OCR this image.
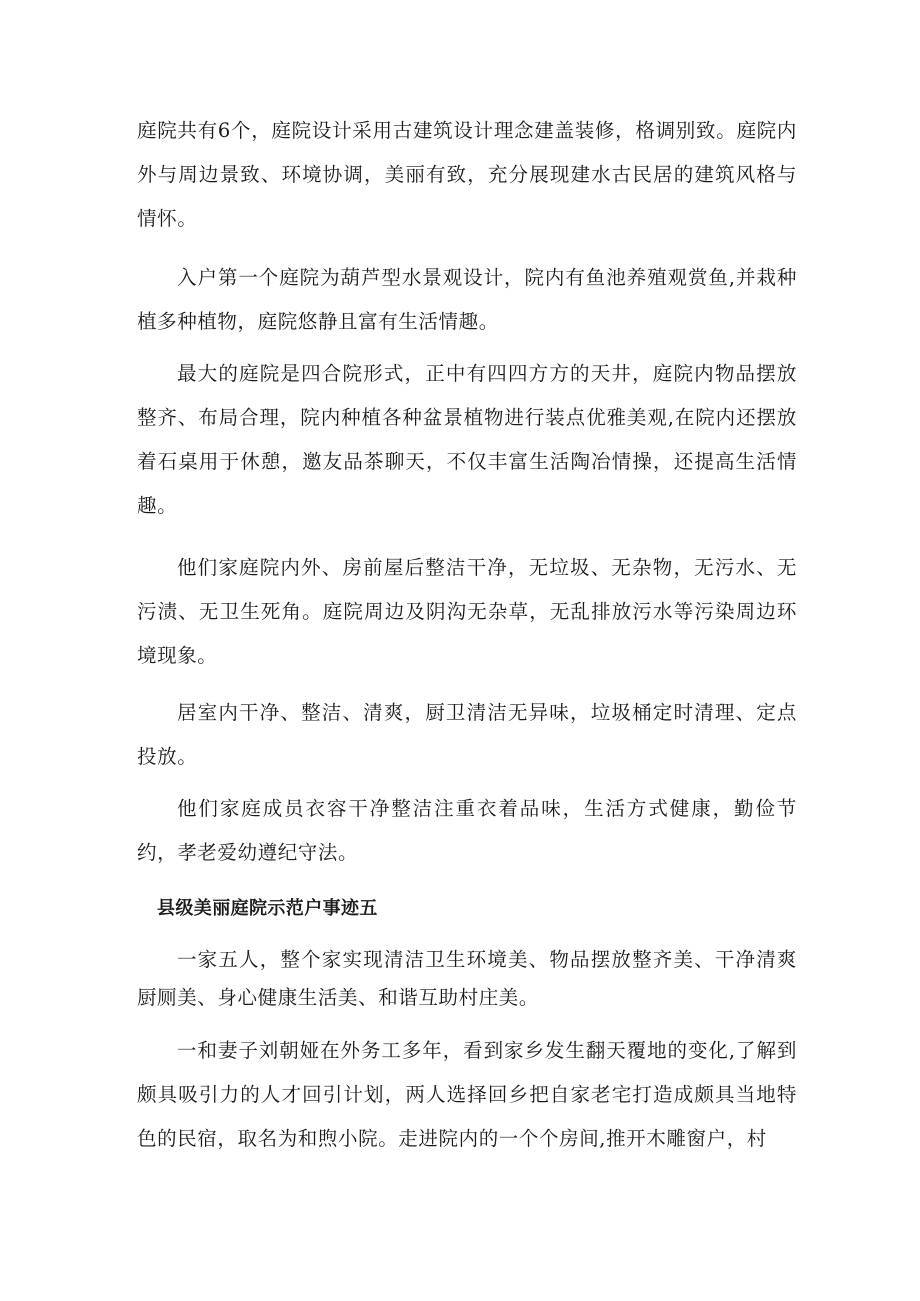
庭院共有6个，庭院设计采用古建筑设计理念建盖装修，格调别致。庭院内外与周边景致、环境协调，美丽有致，充分展现建水古民居的建筑风格与情怀。

入户第一个庭院为葫芦型水景观设计，院内有鱼池养殖观赏鱼,并栽种植多种植物，庭院悠静且富有生活情趣。

最大的庭院是四合院形式，正中有四四方方的天井，庭院内物品摆放整齐、布局合理，院内种植各种盆景植物进行装点优雅美观,在院内还摆放着石桌用于休憩，邀友品茶聊天，不仅丰富生活陶冶情操，还提高生活情趣。

他们家庭院内外、房前屋后整洁干净，无垃圾、无杂物，无污水、无污渍、无卫生死角。庭院周边及阴沟无杂草，无乱排放污水等污染周边环境现象。

居室内干净、整洁、清爽，厨卫清洁无异味，垃圾桶定时清理、定点投放。

他们家庭成员衣容干净整洁注重衣着品味，生活方式健康，勤俭节约，孝老爱幼遵纪守法。

县级美丽庭院示范户事迹五

一家五人，整个家实现清洁卫生环境美、物品摆放整齐美、干净清爽厨厕美、身心健康生活美、和谐互助村庄美。

一和妻子刘朝娅在外务工多年，看到家乡发生翻天覆地的变化,了解到颇具吸引力的人才回引计划，两人选择回乡把自家老宅打造成颇具当地特色的民宿，取名为和煦小院。走进院内的一个个房间,推开木雕窗户，村
